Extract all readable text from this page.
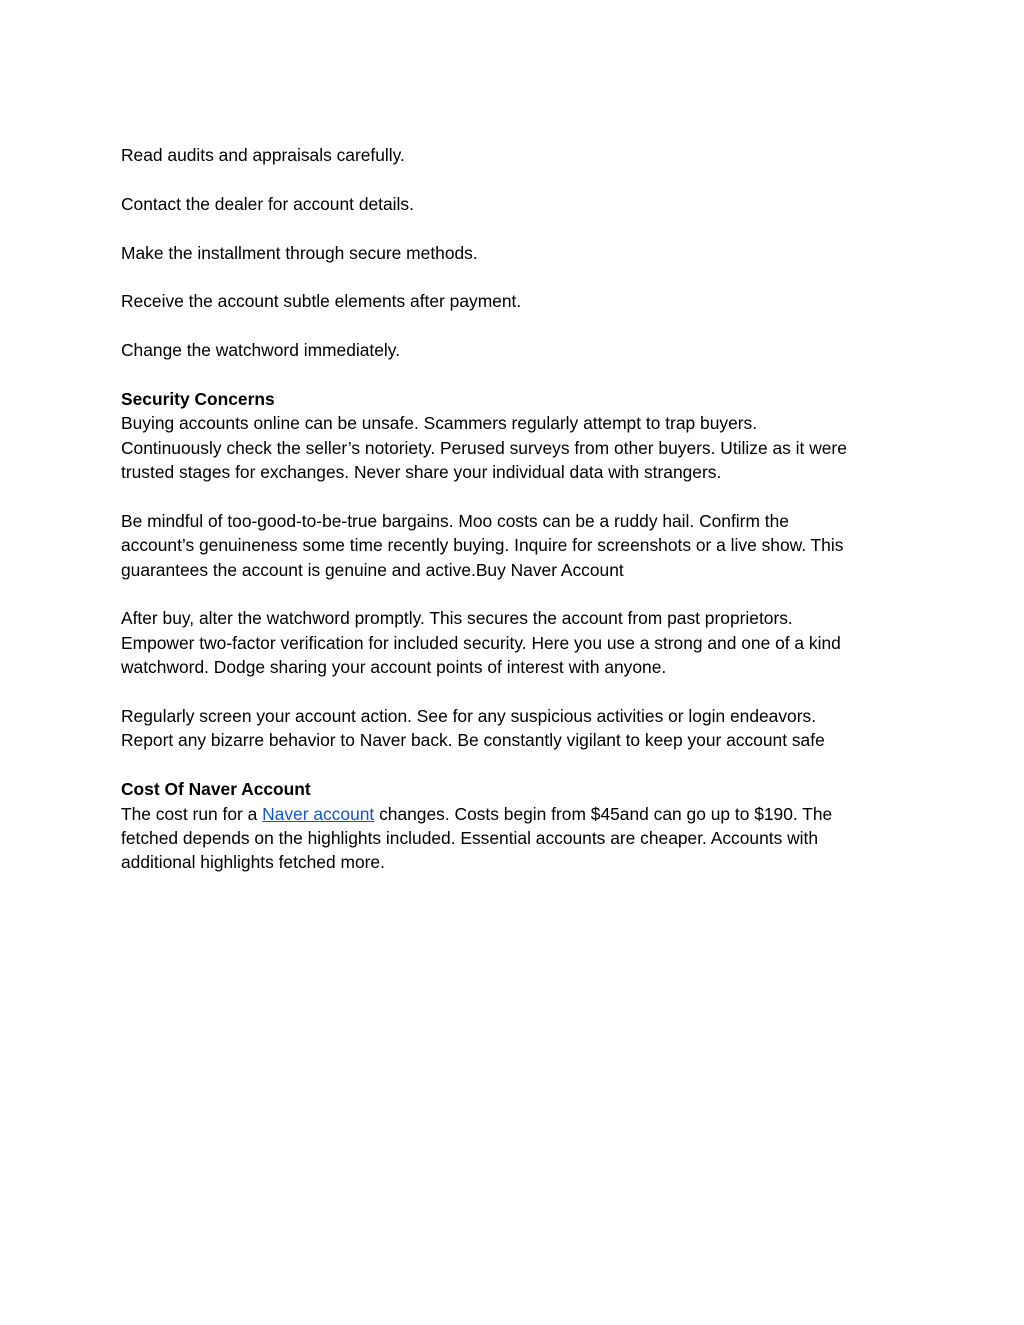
Read audits and appraisals carefully.
Contact the dealer for account details.
Make the installment through secure methods.
Receive the account subtle elements after payment.
Change the watchword immediately.
Security Concerns
Buying accounts online can be unsafe. Scammers regularly attempt to trap buyers.
Continuously check the seller’s notoriety. Perused surveys from other buyers. Utilize as it were
trusted stages for exchanges. Never share your individual data with strangers.
Be mindful of too-good-to-be-true bargains. Moo costs can be a ruddy hail. Confirm the
account’s genuineness some time recently buying. Inquire for screenshots or a live show. This
guarantees the account is genuine and active.Buy Naver Account
After buy, alter the watchword promptly. This secures the account from past proprietors.
Empower two-factor verification for included security. Here you use a strong and one of a kind
watchword. Dodge sharing your account points of interest with anyone.
Regularly screen your account action. See for any suspicious activities or login endeavors.
Report any bizarre behavior to Naver back. Be constantly vigilant to keep your account safe
Cost Of Naver Account
The cost run for a Naver account changes. Costs begin from $45and can go up to $190. The
fetched depends on the highlights included. Essential accounts are cheaper. Accounts with
additional highlights fetched more.
